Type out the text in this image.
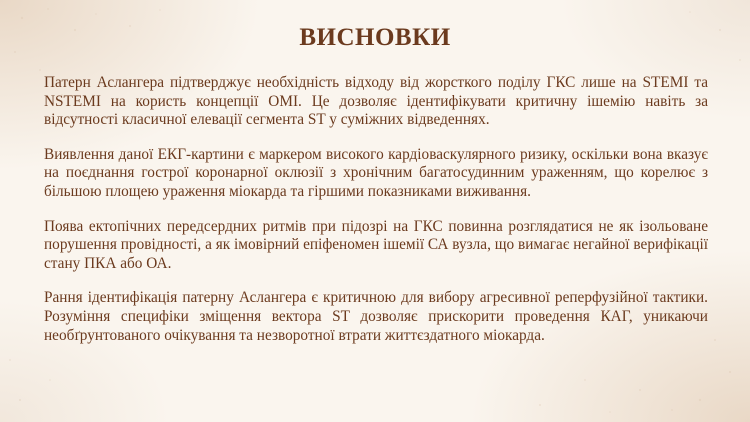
ВИСНОВКИ

Патерн Аслангера підтверджує необхідність відходу від жорсткого поділу ГКС лише на STEMI та NSTEMI на користь концепції OMI. Це дозволяє ідентифікувати критичну ішемію навіть за відсутності класичної елевації сегмента ST у суміжних відведеннях.

Виявлення даної ЕКГ-картини є маркером високого кардіоваскулярного ризику, оскільки вона вказує на поєднання гострої коронарної оклюзії з хронічним багатосудинним ураженням, що корелює з більшою площею ураження міокарда та гіршими показниками виживання.

Поява ектопічних передсердних ритмів при підозрі на ГКС повинна розглядатися не як ізольоване порушення провідності, а як імовірний епіфеномен ішемії СА вузла, що вимагає негайної верифікації стану ПКА або ОА.

Рання ідентифікація патерну Аслангера є критичною для вибору агресивної реперфузійної тактики. Розуміння специфіки зміщення вектора ST дозволяє прискорити проведення КАГ, уникаючи необґрунтованого очікування та незворотної втрати життєздатного міокарда.
